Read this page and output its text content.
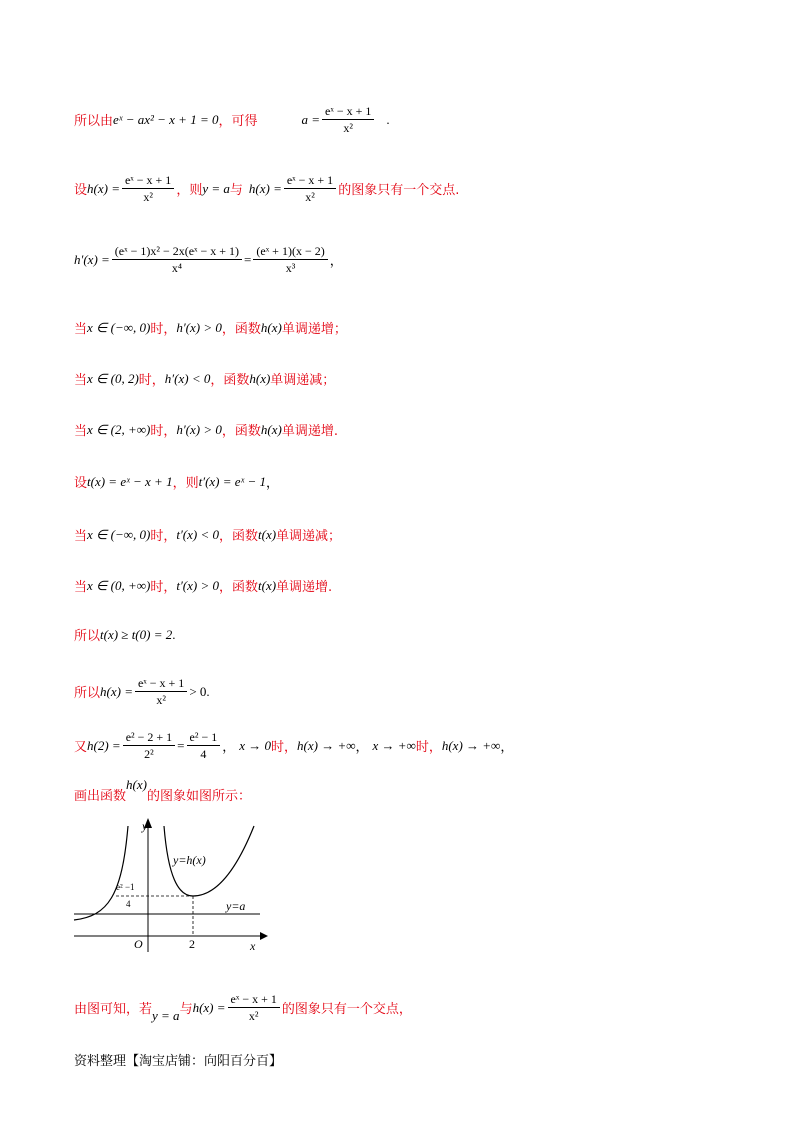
所以由 eˣ − ax² − x + 1 = 0 ，可得	$a = \frac{\text{eˣ − x + 1}}{\text{x²}}$ .
设 $h(x) = \frac{\text{eˣ − x + 1}}{\text{x²}}$ ，则 y = a 与 $h(x) = \frac{\text{eˣ − x + 1}}{\text{x²}}$ 的图象只有一个交点.
$h'(x) = \frac{\text{(eˣ − 1)x² − 2x(eˣ − x + 1)}}{\text{x⁴}} = \frac{\text{(eˣ + 1)(x − 2)}}{\text{x³}}$ ，
当 x ∈ (−∞, 0) 时， h′(x) > 0 ，函数 h(x) 单调递增；
当 x ∈ (0, 2) 时， h′(x) < 0 ，函数 h(x) 单调递减；
当 x ∈ (2, +∞) 时， h′(x) > 0 ，函数 h(x) 单调递增.
设 t(x) = eˣ − x + 1 ，则 t′(x) = eˣ − 1 ，
当 x ∈ (−∞, 0) 时， t′(x) < 0 ，函数 t(x) 单调递减；
当 x ∈ (0, +∞) 时， t′(x) > 0 ，函数 t(x) 单调递增.
所以 t(x) ≥ t(0) = 2 .
所以 $h(x) = \frac{\text{eˣ − x + 1}}{\text{x²}} > 0$ .
又 $h(2) = \frac{\text{e² − 2 + 1}}{\text{2²}} = \frac{\text{e² − 1}}{4}$ ， x → 0 时， h(x) → +∞ ， x → +∞ 时， h(x) → +∞ ，
画出函数
h(x)
的图象如图所示：
y
x
O	2
y=h(x)
y=a
e² −1
4
由图可知，若 y = a 与 $h(x) = \frac{\text{eˣ − x + 1}}{\text{x²}}$ 的图象只有一个交点，
资料整理【淘宝店铺：向阳百分百】
